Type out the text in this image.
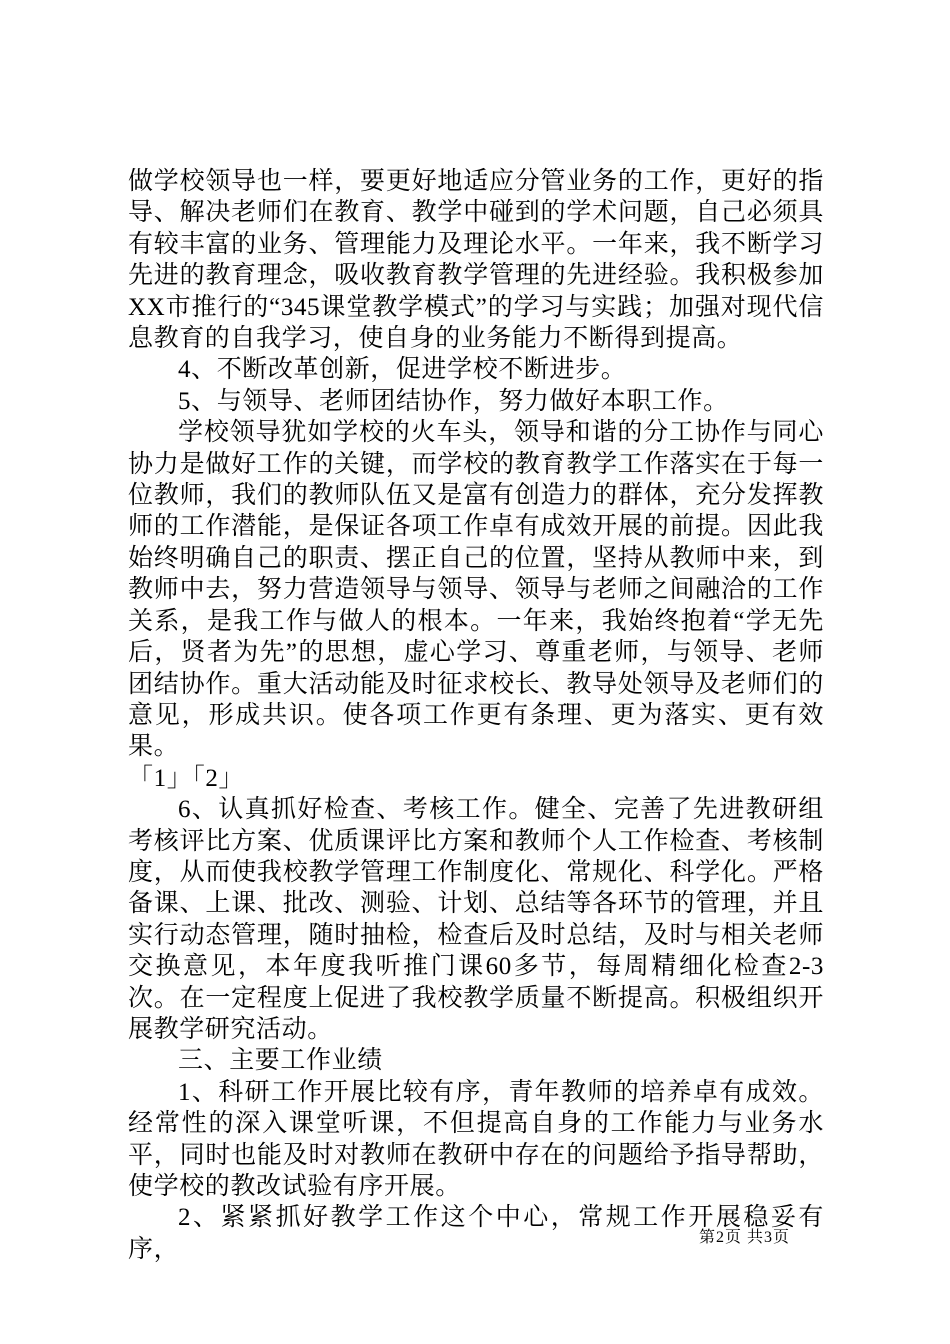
做学校领导也一样，要更好地适应分管业务的工作，更好的指导、解决老师们在教育、教学中碰到的学术问题，自己必须具有较丰富的业务、管理能力及理论水平。一年来，我不断学习先进的教育理念，吸收教育教学管理的先进经验。我积极参加XX市推行的“345课堂教学模式”的学习与实践；加强对现代信息教育的自我学习，使自身的业务能力不断得到提高。

4、不断改革创新，促进学校不断进步。

5、与领导、老师团结协作，努力做好本职工作。

学校领导犹如学校的火车头，领导和谐的分工协作与同心协力是做好工作的关键，而学校的教育教学工作落实在于每一位教师，我们的教师队伍又是富有创造力的群体，充分发挥教师的工作潜能，是保证各项工作卓有成效开展的前提。因此我始终明确自己的职责、摆正自己的位置，坚持从教师中来，到教师中去，努力营造领导与领导、领导与老师之间融洽的工作关系，是我工作与做人的根本。一年来，我始终抱着“学无先后，贤者为先”的思想，虚心学习、尊重老师，与领导、老师团结协作。重大活动能及时征求校长、教导处领导及老师们的意见，形成共识。使各项工作更有条理、更为落实、更有效果。

「1」「2」

6、认真抓好检查、考核工作。健全、完善了先进教研组考核评比方案、优质课评比方案和教师个人工作检查、考核制度，从而使我校教学管理工作制度化、常规化、科学化。严格备课、上课、批改、测验、计划、总结等各环节的管理，并且实行动态管理，随时抽检，检查后及时总结，及时与相关老师交换意见，本年度我听推门课60多节，每周精细化检查2-3次。在一定程度上促进了我校教学质量不断提高。积极组织开展教学研究活动。

三、主要工作业绩

1、科研工作开展比较有序，青年教师的培养卓有成效。经常性的深入课堂听课，不但提高自身的工作能力与业务水平，同时也能及时对教师在教研中存在的问题给予指导帮助，使学校的教改试验有序开展。

2、紧紧抓好教学工作这个中心，常规工作开展稳妥有序，	第2页 共3页
